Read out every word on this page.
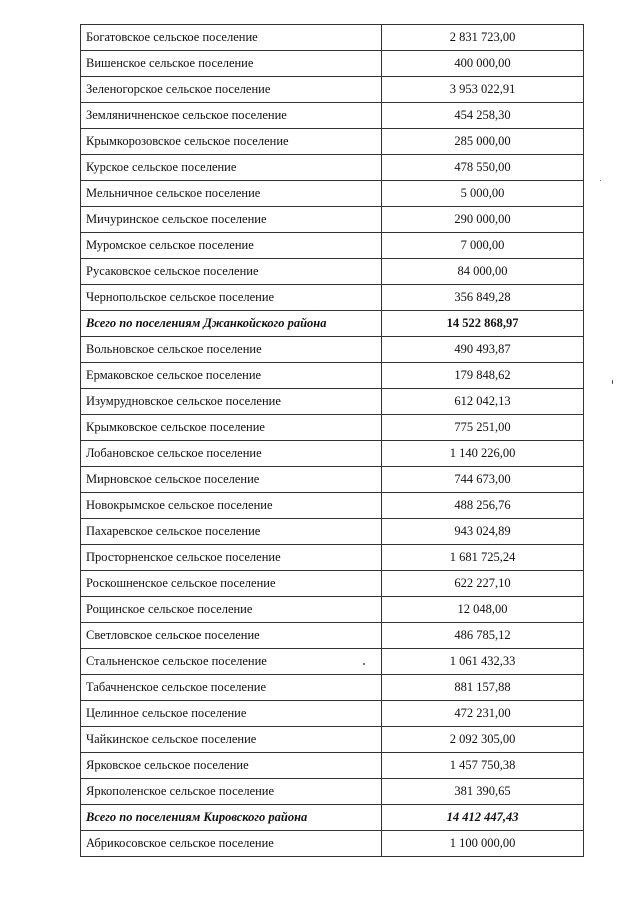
Богатовское сельское поселение	2 831 723,00
Вишенское сельское поселение	400 000,00
Зеленогорское сельское поселение	3 953 022,91
Земляничненское сельское поселение	454 258,30
Крымкорозовское сельское поселение	285 000,00
Курское сельское поселение	478 550,00
Мельничное сельское поселение	5 000,00
Мичуринское сельское поселение	290 000,00
Муромское сельское поселение	7 000,00
Русаковское сельское поселение	84 000,00
Чернопольское сельское поселение	356 849,28
Всего по поселениям Джанкойского района	14 522 868,97
Вольновское сельское поселение	490 493,87
Ермаковское сельское поселение	179 848,62
Изумрудновское сельское поселение	612 042,13
Крымковское сельское поселение	775 251,00
Лобановское сельское поселение	1 140 226,00
Мирновское сельское поселение	744 673,00
Новокрымское сельское поселение	488 256,76
Пахаревское сельское поселение	943 024,89
Просторненское сельское поселение	1 681 725,24
Роскошненское сельское поселение	622 227,10
Рощинское сельское поселение	12 048,00
Светловское сельское поселение	486 785,12
Стальненское сельское поселение	1 061 432,33
Табачненское сельское поселение	881 157,88
Целинное сельское поселение	472 231,00
Чайкинское сельское поселение	2 092 305,00
Ярковское сельское поселение	1 457 750,38
Яркополенское сельское поселение	381 390,65
Всего по поселениям Кировского района	14 412 447,43
Абрикосовское сельское поселение	1 100 000,00
